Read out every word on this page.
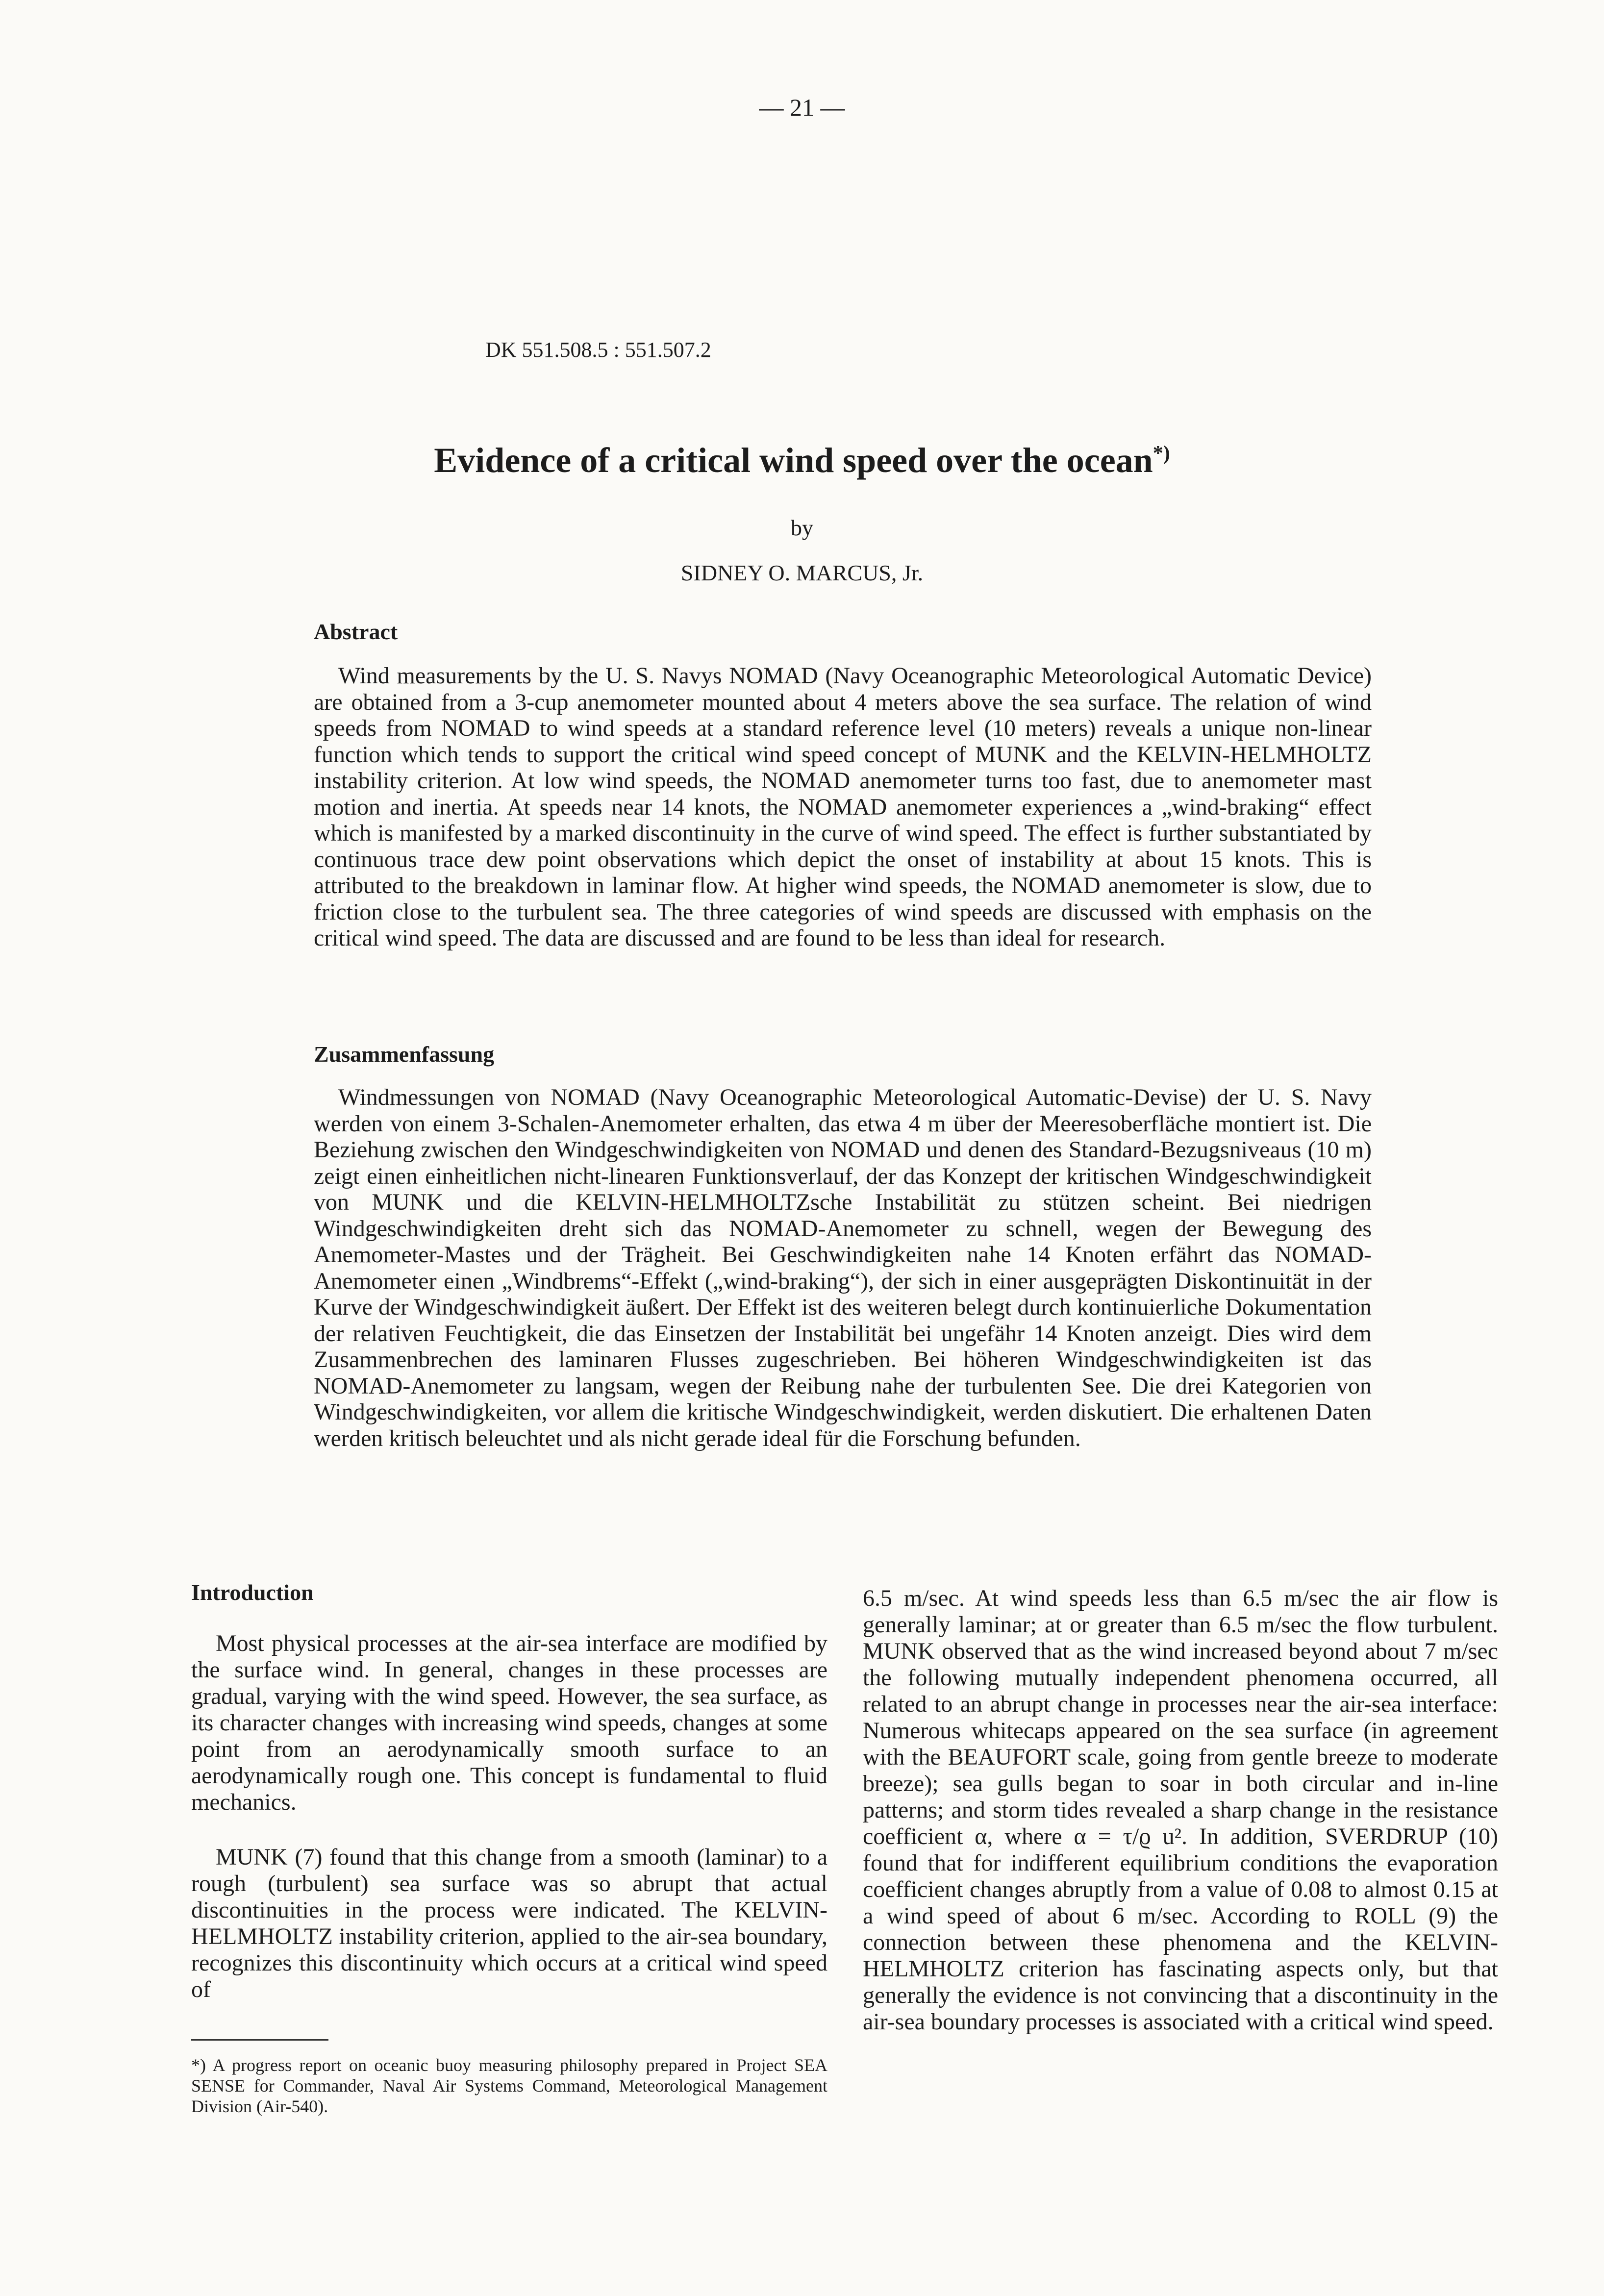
— 21 —
DK 551.508.5 : 551.507.2
Evidence of a critical wind speed over the ocean*)
by
SIDNEY O. MARCUS, Jr.
Abstract
Wind measurements by the U. S. Navys NOMAD (Navy Oceanographic Meteorological Automatic Device) are obtained from a 3-cup anemometer mounted about 4 meters above the sea surface. The relation of wind speeds from NOMAD to wind speeds at a standard reference level (10 meters) reveals a unique non-linear function which tends to support the critical wind speed concept of MUNK and the KELVIN-HELMHOLTZ instability criterion. At low wind speeds, the NOMAD anemometer turns too fast, due to anemometer mast motion and inertia. At speeds near 14 knots, the NOMAD anemometer experiences a „wind-braking“ effect which is manifested by a marked discontinuity in the curve of wind speed. The effect is further substantiated by continuous trace dew point observations which depict the onset of instability at about 15 knots. This is attributed to the breakdown in laminar flow. At higher wind speeds, the NOMAD anemometer is slow, due to friction close to the turbulent sea. The three categories of wind speeds are discussed with emphasis on the critical wind speed. The data are discussed and are found to be less than ideal for research.
Zusammenfassung
Windmessungen von NOMAD (Navy Oceanographic Meteorological Automatic-Devise) der U. S. Navy werden von einem 3-Schalen-Anemometer erhalten, das etwa 4 m über der Meeresoberfläche montiert ist. Die Beziehung zwischen den Windgeschwindigkeiten von NOMAD und denen des Standard-Bezugsniveaus (10 m) zeigt einen einheitlichen nicht-linearen Funktionsverlauf, der das Konzept der kritischen Windgeschwindigkeit von MUNK und die KELVIN-HELMHOLTZsche Instabilität zu stützen scheint. Bei niedrigen Windgeschwindigkeiten dreht sich das NOMAD-Anemometer zu schnell, wegen der Bewegung des Anemometer-Mastes und der Trägheit. Bei Geschwindigkeiten nahe 14 Knoten erfährt das NOMAD-Anemometer einen „Windbrems“-Effekt („wind-braking“), der sich in einer ausgeprägten Diskontinuität in der Kurve der Windgeschwindigkeit äußert. Der Effekt ist des weiteren belegt durch kontinuierliche Dokumentation der relativen Feuchtigkeit, die das Einsetzen der Instabilität bei ungefähr 14 Knoten anzeigt. Dies wird dem Zusammenbrechen des laminaren Flusses zugeschrieben. Bei höheren Windgeschwindigkeiten ist das NOMAD-Anemometer zu langsam, wegen der Reibung nahe der turbulenten See. Die drei Kategorien von Windgeschwindigkeiten, vor allem die kritische Windgeschwindigkeit, werden diskutiert. Die erhaltenen Daten werden kritisch beleuchtet und als nicht gerade ideal für die Forschung befunden.
Introduction
Most physical processes at the air-sea interface are modified by the surface wind. In general, changes in these processes are gradual, varying with the wind speed. However, the sea surface, as its character changes with increasing wind speeds, changes at some point from an aerodynamically smooth surface to an aerodynamically rough one. This concept is fundamental to fluid mechanics.
MUNK (7) found that this change from a smooth (laminar) to a rough (turbulent) sea surface was so abrupt that actual discontinuities in the process were indicated. The KELVIN-HELMHOLTZ instability criterion, applied to the air-sea boundary, recognizes this discontinuity which occurs at a critical wind speed of
6.5 m/sec. At wind speeds less than 6.5 m/sec the air flow is generally laminar; at or greater than 6.5 m/sec the flow turbulent. MUNK observed that as the wind increased beyond about 7 m/sec the following mutually independent phenomena occurred, all related to an abrupt change in processes near the air-sea interface: Numerous whitecaps appeared on the sea surface (in agreement with the BEAUFORT scale, going from gentle breeze to moderate breeze); sea gulls began to soar in both circular and in-line patterns; and storm tides revealed a sharp change in the resistance coefficient α, where α = τ/ϱ u². In addition, SVERDRUP (10) found that for indifferent equilibrium conditions the evaporation coefficient changes abruptly from a value of 0.08 to almost 0.15 at a wind speed of about 6 m/sec. According to ROLL (9) the connection between these phenomena and the KELVIN-HELMHOLTZ criterion has fascinating aspects only, but that generally the evidence is not convincing that a discontinuity in the air-sea boundary processes is associated with a critical wind speed.
*) A progress report on oceanic buoy measuring philosophy prepared in Project SEA SENSE for Commander, Naval Air Systems Command, Meteorological Management Division (Air-540).
